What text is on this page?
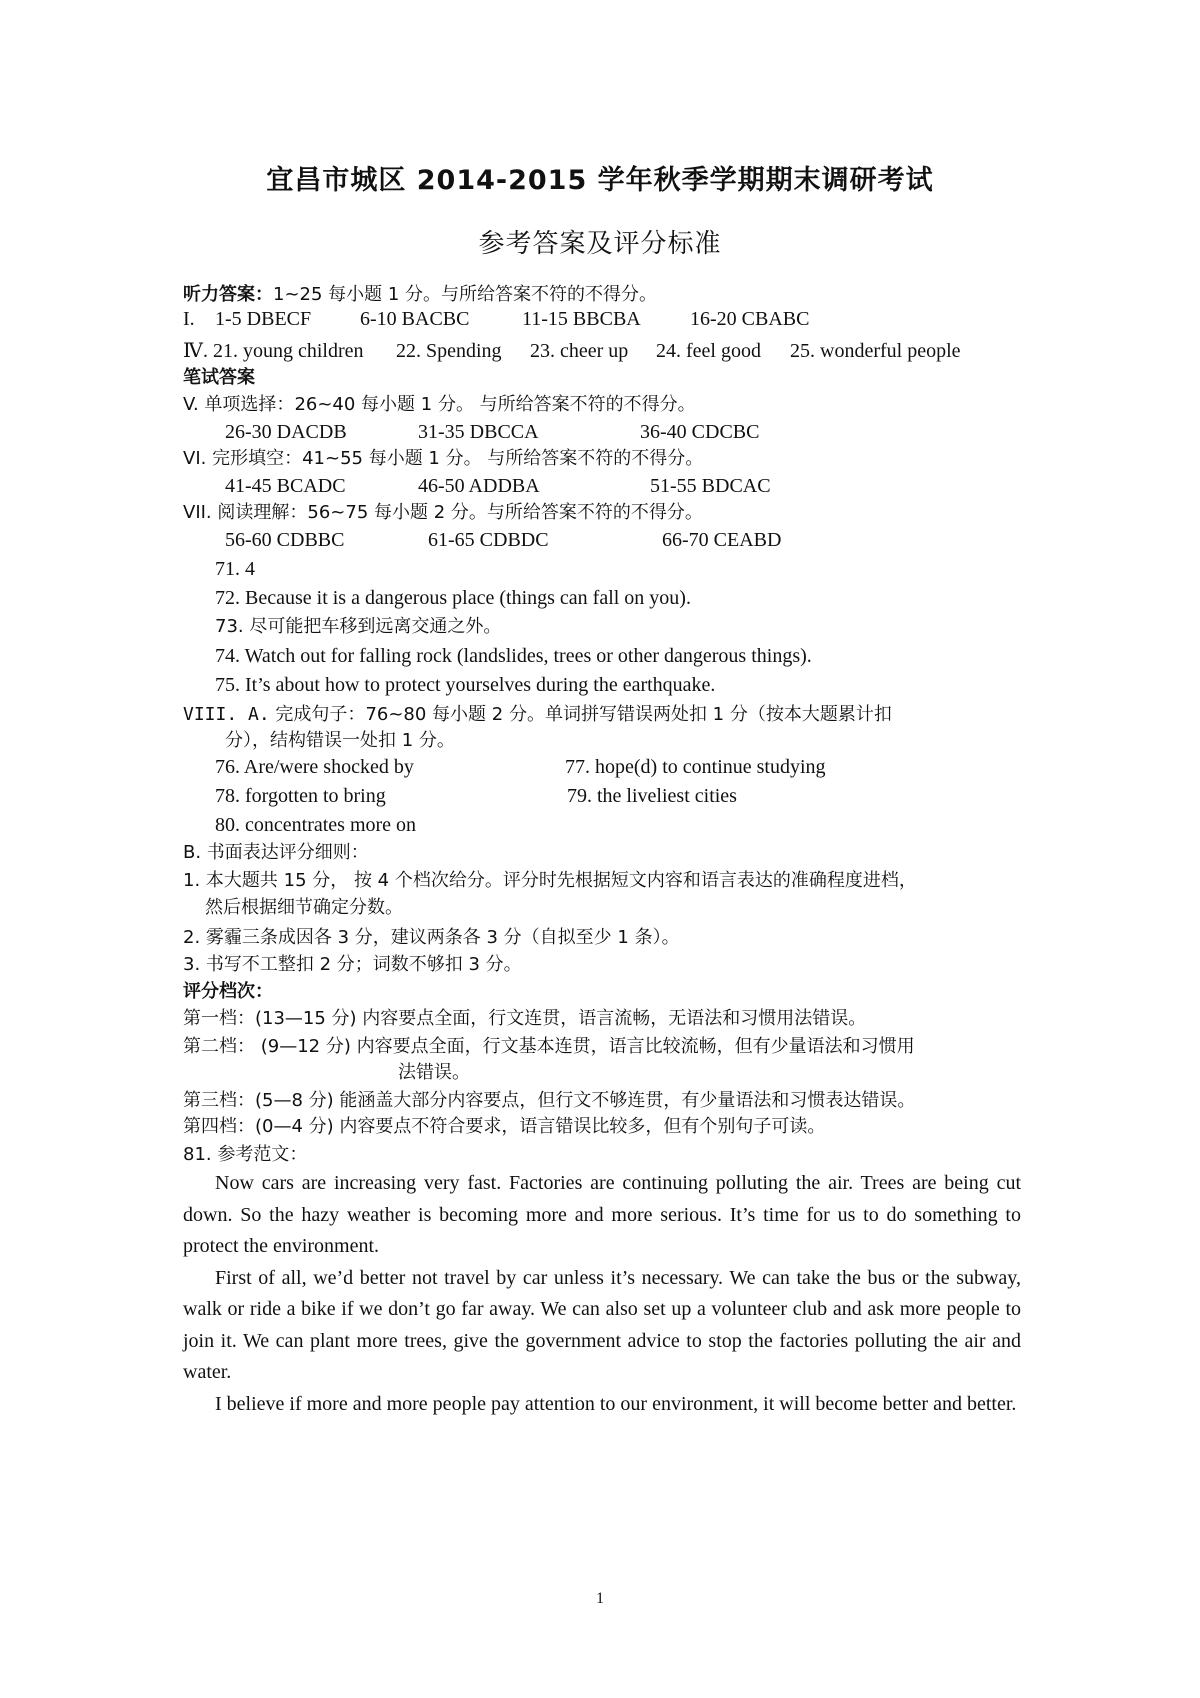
宜昌市城区 2014-2015 学年秋季学期期末调研考试
参考答案及评分标准
听力答案：1~25 每小题 1 分。与所给答案不符的不得分。
I. 1-5 DBECF 6-10 BACBC	11-15 BBCBA 16-20 CBABC
Ⅳ. 21. young children 22. Spending 23. cheer up 24. feel good 25. wonderful people
笔试答案
V. 单项选择：26~40 每小题 1 分。 与所给答案不符的不得分。
26-30 DACDB	31-35 DBCCA	36-40 CDCBC
VI. 完形填空：41~55 每小题 1 分。 与所给答案不符的不得分。
41-45 BCADC	46-50 ADDBA	51-55 BDCAC
VII. 阅读理解：56~75 每小题 2 分。与所给答案不符的不得分。
56-60 CDBBC	61-65 CDBDC	66-70 CEABD
71. 4
72. Because it is a dangerous place (things can fall on you).
73. 尽可能把车移到远离交通之外。
74. Watch out for falling rock (landslides, trees or other dangerous things).
75. It’s about how to protect yourselves during the earthquake.
VIII. A. 完成句子：76~80 每小题 2 分。单词拼写错误两处扣 1 分（按本大题累计扣
分），结构错误一处扣 1 分。
76. Are/were shocked by	77. hope(d) to continue studying
78. forgotten to bring	79. the liveliest cities
80. concentrates more on
B. 书面表达评分细则：
1. 本大题共 15 分， 按 4 个档次给分。评分时先根据短文内容和语言表达的准确程度进档，
然后根据细节确定分数。
2. 雾霾三条成因各 3 分，建议两条各 3 分（自拟至少 1 条）。
3. 书写不工整扣 2 分；词数不够扣 3 分。
评分档次：
第一档：(13—15 分) 内容要点全面，行文连贯，语言流畅，无语法和习惯用法错误。
第二档： (9—12 分) 内容要点全面，行文基本连贯，语言比较流畅，但有少量语法和习惯用
法错误。
第三档：(5—8 分) 能涵盖大部分内容要点，但行文不够连贯，有少量语法和习惯表达错误。
第四档：(0—4 分) 内容要点不符合要求，语言错误比较多，但有个别句子可读。
81. 参考范文：

Now cars are increasing very fast. Factories are continuing polluting the air. Trees are being cut down. So the hazy weather is becoming more and more serious. It’s time for us to do something to protect the environment.

First of all, we’d better not travel by car unless it’s necessary. We can take the bus or the subway, walk or ride a bike if we don’t go far away. We can also set up a volunteer club and ask more people to join it. We can plant more trees, give the government advice to stop the factories polluting the air and water.

I believe if more and more people pay attention to our environment, it will become better and better.

1
